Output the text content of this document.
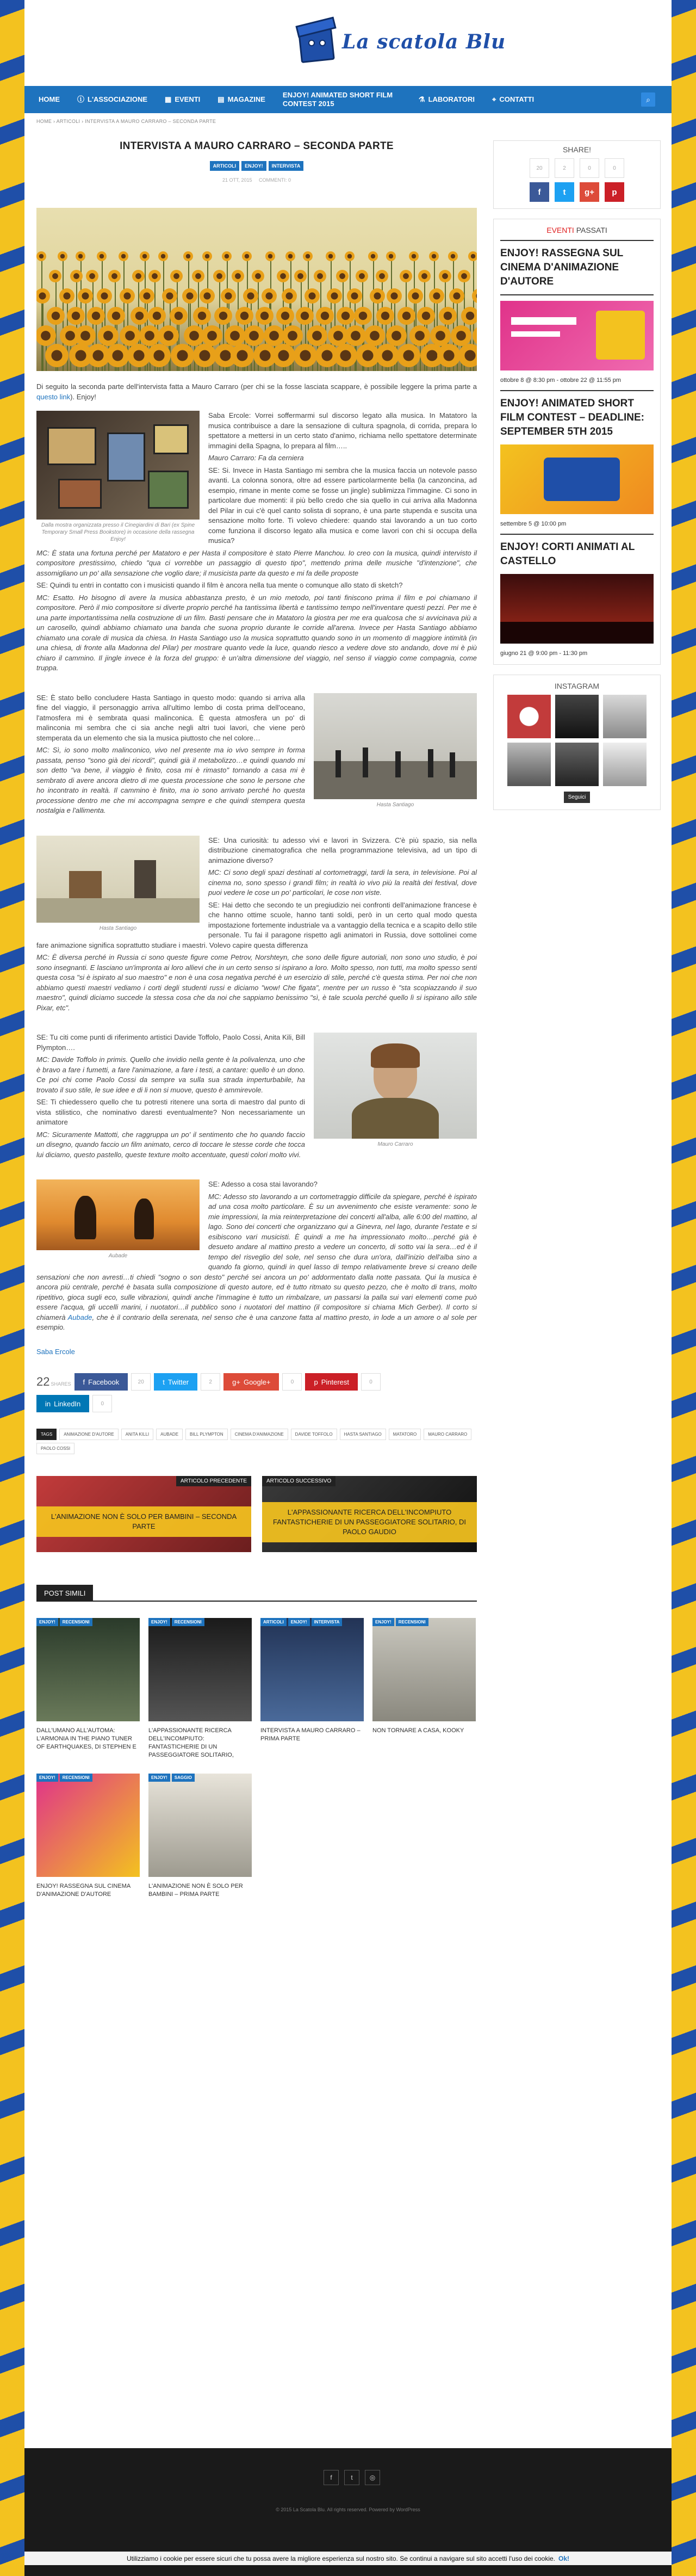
La scatola Blu
HOME ⓘ L'ASSOCIAZIONE ▦ EVENTI ▤ MAGAZINE
ENJOY! ANIMATED SHORT FILM CONTEST 2015
⚗ LABORATORI ⌖ CONTATTI	⌕
HOME › ARTICOLI › INTERVISTA A MAURO CARRARO – SECONDA PARTE
INTERVISTA A MAURO CARRARO – SECONDA PARTE
ARTICOLI	ENJOY!	INTERVISTA
21 OTT, 2015 COMMENTI: 0

Di seguito la seconda parte dell'intervista fatta a Mauro Carraro (per chi se la fosse lasciata scappare, è possibile leggere la prima parte a questo link). Enjoy!

Dalla mostra organizzata presso il Cinegiardini di Bari (ex Spine Temporary Small Press Bookstore) in occasione della rassegna Enjoy!

Saba Ercole: Vorrei soffermarmi sul discorso legato alla musica. In Matatoro la musica contribuisce a dare la sensazione di cultura spagnola, di corrida, prepara lo spettatore a mettersi in un certo stato d'animo, richiama nello spettatore determinate immagini della Spagna, lo prepara al film…..

Mauro Carraro: Fa da cerniera

SE: Si. Invece in Hasta Santiago mi sembra che la musica faccia un notevole passo avanti. La colonna sonora, oltre ad essere particolarmente bella (la canzoncina, ad esempio, rimane in mente come se fosse un jingle) sublimizza l'immagine. Ci sono in particolare due momenti: il più bello credo che sia quello in cui arriva alla Madonna del Pilar in cui c'è quel canto solista di soprano, è una parte stupenda e suscita una sensazione molto forte. Ti volevo chiedere: quando stai lavorando a un tuo corto come funziona il discorso legato alla musica e come lavori con chi si occupa della musica?

MC: È stata una fortuna perché per Matatoro e per Hasta il compositore è stato Pierre Manchou. Io creo con la musica, quindi intervisto il compositore prestissimo, chiedo "qua ci vorrebbe un passaggio di questo tipo", mettendo prima delle musiche "d'intenzione", che assomigliano un po' alla sensazione che voglio dare; il musicista parte da questo e mi fa delle proposte

SE: Quindi tu entri in contatto con i musicisti quando il film è ancora nella tua mente o comunque allo stato di sketch?

MC: Esatto. Ho bisogno di avere la musica abbastanza presto, è un mio metodo, poi tanti finiscono prima il film e poi chiamano il compositore. Però il mio compositore si diverte proprio perché ha tantissima libertà e tantissimo tempo nell'inventare questi pezzi. Per me è una parte importantissima nella costruzione di un film. Basti pensare che in Matatoro la giostra per me era qualcosa che si avvicinava più a un carosello, quindi abbiamo chiamato una banda che suona proprio durante le corride all'arena. Invece per Hasta Santiago abbiamo chiamato una corale di musica da chiesa. In Hasta Santiago uso la musica soprattutto quando sono in un momento di maggiore intimità (in una chiesa, di fronte alla Madonna del Pilar) per mostrare quanto vede la luce, quando riesco a vedere dove sto andando, dove mi è più chiaro il cammino. Il jingle invece è la forza del gruppo: è un'altra dimensione del viaggio, nel senso il viaggio come compagnia, come truppa.

Hasta Santiago

SE: È stato bello concludere Hasta Santiago in questo modo: quando si arriva alla fine del viaggio, il personaggio arriva all'ultimo lembo di costa prima dell'oceano, l'atmosfera mi è sembrata quasi malinconica. È questa atmosfera un po' di malinconia mi sembra che ci sia anche negli altri tuoi lavori, che viene però stemperata da un elemento che sia la musica piuttosto che nel colore…

MC: Sì, io sono molto malinconico, vivo nel presente ma io vivo sempre in forma passata, penso "sono già dei ricordi", quindi già il metabolizzo…e quindi quando mi son detto "va bene, il viaggio è finito, cosa mi è rimasto" tornando a casa mi è sembrato di avere ancora dietro di me questa processione che sono le persone che ho incontrato in realtà. Il cammino è finito, ma io sono arrivato perché ho questa processione dentro me che mi accompagna sempre e che quindi stempera questa nostalgia e l'allimenta.

Hasta Santiago

SE: Una curiosità: tu adesso vivi e lavori in Svizzera. C'è più spazio, sia nella distribuzione cinematografica che nella programmazione televisiva, ad un tipo di animazione diverso?

MC: Ci sono degli spazi destinati al cortometraggi, tardi la sera, in televisione. Poi al cinema no, sono spesso i grandi film; in realtà io vivo più la realtà dei festival, dove puoi vedere le cose un po' particolari, le cose non viste.

SE: Hai detto che secondo te un pregiudizio nei confronti dell'animazione francese è che hanno ottime scuole, hanno tanti soldi, però in un certo qual modo questa impostazione fortemente industriale va a vantaggio della tecnica e a scapito dello stile personale. Tu fai il paragone rispetto agli animatori in Russia, dove sottolinei come fare animazione significa soprattutto studiare i maestri. Volevo capire questa differenza

MC: È diversa perché in Russia ci sono queste figure come Petrov, Norshteyn, che sono delle figure autoriali, non sono uno studio, è poi sono insegnanti. E lasciano un'impronta ai loro allievi che in un certo senso si ispirano a loro. Molto spesso, non tutti, ma molto spesso senti questa cosa "si è ispirato al suo maestro" e non è una cosa negativa perché è un esercizio di stile, perché c'è questa stima. Per noi che non abbiamo questi maestri vediamo i corti degli studenti russi e diciamo "wow! Che figata", mentre per un russo è "sta scopiazzando il suo maestro", quindi diciamo succede la stessa cosa che da noi che sappiamo benissimo "sì, è tale scuola perché quello lì si ispirano allo stile Pixar, etc".

Mauro Carraro

SE: Tu citi come punti di riferimento artistici Davide Toffolo, Paolo Cossi, Anita Kili, Bill Plympton….

MC: Davide Toffolo in primis. Quello che invidio nella gente è la polivalenza, uno che è bravo a fare i fumetti, a fare l'animazione, a fare i testi, a cantare: quello è un dono. Ce poi chi come Paolo Cossi da sempre va sulla sua strada imperturbabile, ha trovato il suo stile, le sue idee e di li non si muove, questo è ammirevole.

SE: Ti chiedessero quello che tu potresti ritenere una sorta di maestro dal punto di vista stilistico, che nominativo daresti eventualmente? Non necessariamente un animatore

MC: Sicuramente Mattotti, che raggruppa un po' il sentimento che ho quando faccio un disegno, quando faccio un film animato, cerco di toccare le stesse corde che tocca lui diciamo, questo pastello, queste texture molto accentuate, questi colori molto vivi.

Aubade

SE: Adesso a cosa stai lavorando?

MC: Adesso sto lavorando a un cortometraggio difficile da spiegare, perché è ispirato ad una cosa molto particolare. È su un avvenimento che esiste veramente: sono le mie impressioni, la mia reinterpretazione dei concerti all'alba, alle 6:00 del mattino, al lago. Sono dei concerti che organizzano qui a Ginevra, nel lago, durante l'estate e si esibiscono vari musicisti. È quindi a me ha impressionato molto…perché già è desueto andare al mattino presto a vedere un concerto, di sotto vai la sera…ed è il tempo del risveglio del sole, nel senso che dura un'ora, dall'inizio dell'alba sino a quando fa giorno, quindi in quel lasso di tempo relativamente breve si creano delle sensazioni che non avresti…ti chiedi "sogno o son desto" perché sei ancora un po' addormentato dalla notte passata. Qui la musica è ancora più centrale, perché è basata sulla composizione di questo autore, ed è tutto ritmato su questo pezzo, che è molto di trans, molto ripetitivo, gioca sugli eco, sulle vibrazioni, quindi anche l'immagine è tutto un rimbalzare, un passarsi la palla sui vari elementi come può essere l'acqua, gli uccelli marini, i nuotatori…il pubblico sono i nuotatori del mattino (il compositore si chiama Mich Gerber). Il corto si chiamerà Aubade, che è il contrario della serenata, nel senso che è una canzone fatta al mattino presto, in lode a un amore o al sole per esempio.

Saba Ercole

22 SHARES f Facebook	20	t Twitter	2	g+ Google+	0	p Pinterest	0
in LinkedIn	0
TAGS	ANIMAZIONE D'AUTORE	ANITA KILLI	AUBADE	BILL PLYMPTON	CINEMA D'ANIMAZIONE	DAVIDE TOFFOLO	HASTA SANTIAGO	MATATORO	MAURO CARRARO
PAOLO COSSI
ARTICOLO PRECEDENTE
L'ANIMAZIONE NON È SOLO PER BAMBINI – SECONDA PARTE
ARTICOLO SUCCESSIVO
L'APPASSIONANTE RICERCA DELL'INCOMPIUTO FANTASTICHERIE DI UN PASSEGGIATORE SOLITARIO, DI PAOLO GAUDIO
POST SIMILI
ENJOY!	RECENSIONI
DALL'UMANO ALL'AUTOMA: L'ARMONIA IN THE PIANO TUNER OF EARTHQUAKES, DI STEPHEN E
ENJOY!	RECENSIONI
L'APPASSIONANTE RICERCA DELL'INCOMPIUTO: FANTASTICHERIE DI UN PASSEGGIATORE SOLITARIO,
ARTICOLI	ENJOY!	INTERVISTA
INTERVISTA A MAURO CARRARO – PRIMA PARTE
ENJOY!	RECENSIONI
NON TORNARE A CASA, KOOKY
ENJOY!	RECENSIONI
ENJOY! RASSEGNA SUL CINEMA D'ANIMAZIONE D'AUTORE
ENJOY!	SAGGIO
L'ANIMAZIONE NON È SOLO PER BAMBINI – PRIMA PARTE
SHARE!
20	2	0	0
f	t	g+	p
EVENTI PASSATI
ENJOY! RASSEGNA SUL CINEMA D'ANIMAZIONE D'AUTORE
ottobre 8 @ 8:30 pm - ottobre 22 @ 11:55 pm
ENJOY! ANIMATED SHORT FILM CONTEST – DEADLINE: SEPTEMBER 5TH 2015
settembre 5 @ 10:00 pm
ENJOY! CORTI ANIMATI AL CASTELLO
giugno 21 @ 9:00 pm - 11:30 pm
INSTAGRAM
Seguici
f	t	◎
© 2015 La Scatola Blu. All rights reserved. Powered by WordPress
Utilizziamo i cookie per essere sicuri che tu possa avere la migliore esperienza sul nostro sito. Se continui a navigare sul sito accetti l'uso dei cookie. Ok!
